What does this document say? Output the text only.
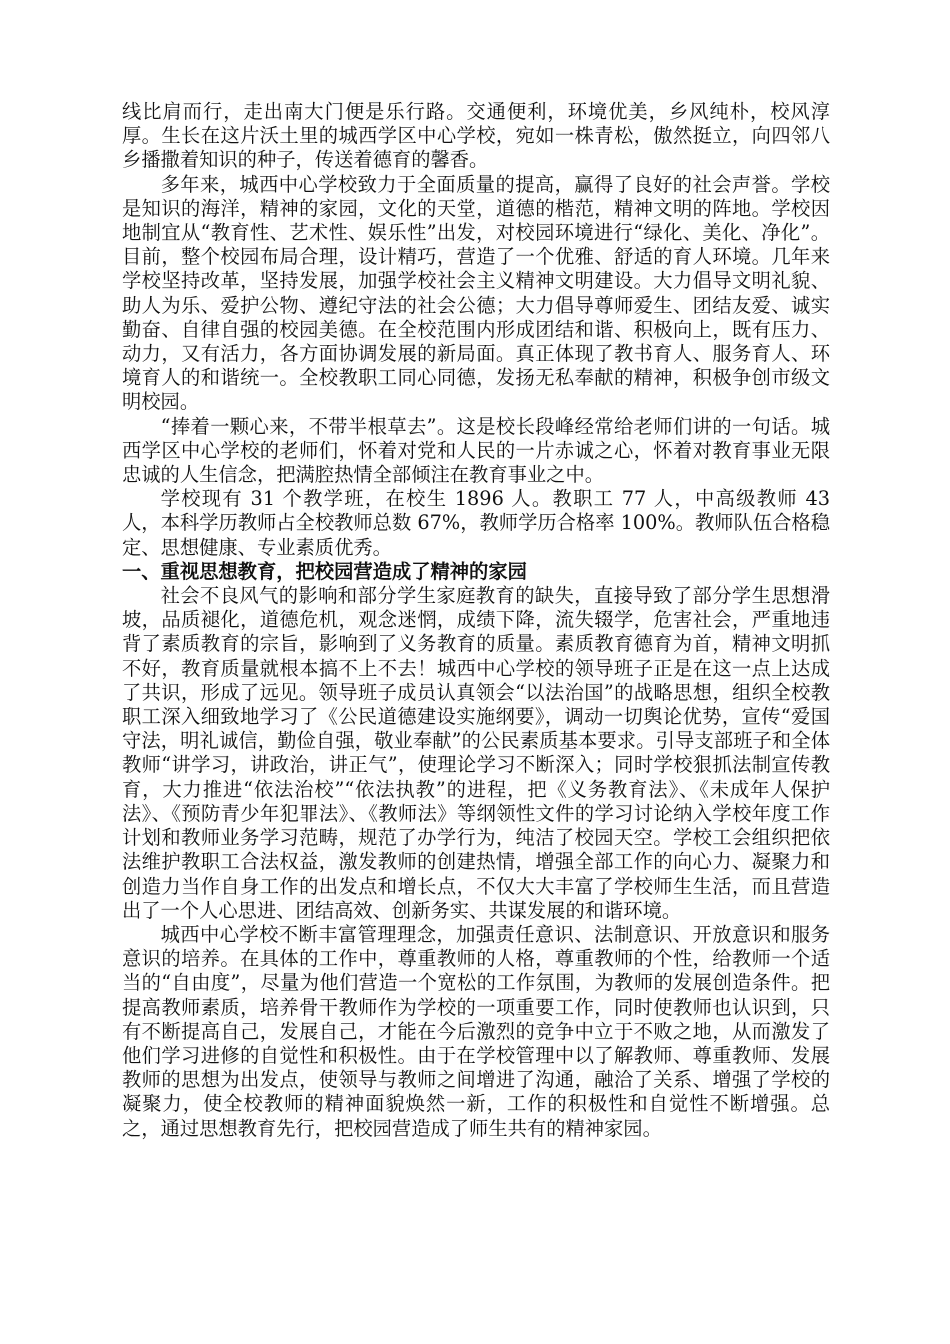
线比肩而行，走出南大门便是乐行路。交通便利，环境优美，乡风纯朴，校风淳厚。生长在这片沃土里的城西学区中心学校，宛如一株青松，傲然挺立，向四邻八乡播撒着知识的种子，传送着德育的馨香。

多年来，城西中心学校致力于全面质量的提高，赢得了良好的社会声誉。学校是知识的海洋，精神的家园，文化的天堂，道德的楷范，精神文明的阵地。学校因地制宜从“教育性、艺术性、娱乐性”出发，对校园环境进行“绿化、美化、净化”。目前，整个校园布局合理，设计精巧，营造了一个优雅、舒适的育人环境。几年来学校坚持改革，坚持发展，加强学校社会主义精神文明建设。大力倡导文明礼貌、助人为乐、爱护公物、遵纪守法的社会公德；大力倡导尊师爱生、团结友爱、诚实勤奋、自律自强的校园美德。在全校范围内形成团结和谐、积极向上，既有压力、动力，又有活力，各方面协调发展的新局面。真正体现了教书育人、服务育人、环境育人的和谐统一。全校教职工同心同德，发扬无私奉献的精神，积极争创市级文明校园。

“捧着一颗心来，不带半根草去”。这是校长段峰经常给老师们讲的一句话。城西学区中心学校的老师们，怀着对党和人民的一片赤诚之心，怀着对教育事业无限忠诚的人生信念，把满腔热情全部倾注在教育事业之中。

学校现有 31 个教学班，在校生 1896 人。教职工 77 人，中高级教师 43 人，本科学历教师占全校教师总数 67%，教师学历合格率 100%。教师队伍合格稳定、思想健康、专业素质优秀。

一、重视思想教育，把校园营造成了精神的家园

社会不良风气的影响和部分学生家庭教育的缺失，直接导致了部分学生思想滑坡，品质褪化，道德危机，观念迷惘，成绩下降，流失辍学，危害社会，严重地违背了素质教育的宗旨，影响到了义务教育的质量。素质教育德育为首，精神文明抓不好，教育质量就根本搞不上不去！城西中心学校的领导班子正是在这一点上达成了共识，形成了远见。领导班子成员认真领会“以法治国”的战略思想，组织全校教职工深入细致地学习了《公民道德建设实施纲要》，调动一切舆论优势，宣传“爱国守法，明礼诚信，勤俭自强，敬业奉献”的公民素质基本要求。引导支部班子和全体教师“讲学习，讲政治，讲正气”，使理论学习不断深入；同时学校狠抓法制宣传教育，大力推进“依法治校”“依法执教”的进程，把《义务教育法》、《未成年人保护法》、《预防青少年犯罪法》、《教师法》等纲领性文件的学习讨论纳入学校年度工作计划和教师业务学习范畴，规范了办学行为，纯洁了校园天空。学校工会组织把依法维护教职工合法权益，激发教师的创建热情，增强全部工作的向心力、凝聚力和创造力当作自身工作的出发点和增长点，不仅大大丰富了学校师生生活，而且营造出了一个人心思进、团结高效、创新务实、共谋发展的和谐环境。

城西中心学校不断丰富管理理念，加强责任意识、法制意识、开放意识和服务意识的培养。在具体的工作中，尊重教师的人格，尊重教师的个性，给教师一个适当的“自由度”，尽量为他们营造一个宽松的工作氛围，为教师的发展创造条件。把提高教师素质，培养骨干教师作为学校的一项重要工作，同时使教师也认识到，只有不断提高自己，发展自己，才能在今后激烈的竞争中立于不败之地，从而激发了他们学习进修的自觉性和积极性。由于在学校管理中以了解教师、尊重教师、发展教师的思想为出发点，使领导与教师之间增进了沟通，融洽了关系、增强了学校的凝聚力，使全校教师的精神面貌焕然一新，工作的积极性和自觉性不断增强。总之，通过思想教育先行，把校园营造成了师生共有的精神家园。
